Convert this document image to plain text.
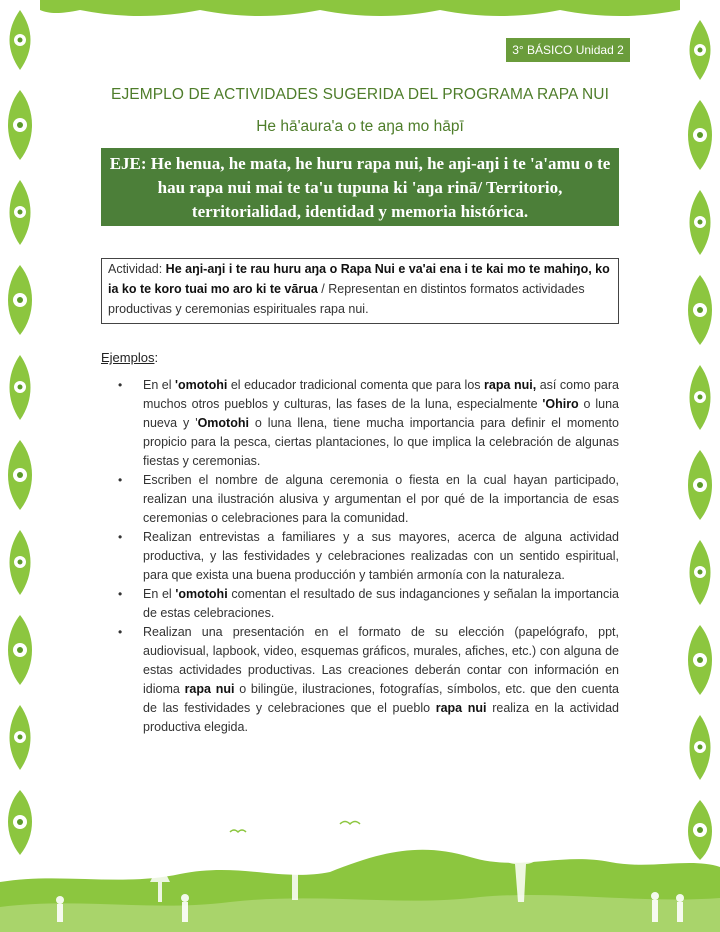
3° BÁSICO Unidad 2
EJEMPLO DE ACTIVIDADES SUGERIDA DEL PROGRAMA RAPA NUI
He hā'aura'a o te aŋa mo hāpī
EJE: He henua, he mata, he huru rapa nui, he aŋi-aŋi i te 'a'amu o te hau rapa nui mai te ta'u tupuna ki 'aŋa rinā/ Territorio, territorialidad, identidad y memoria histórica.
Actividad: He aŋi-aŋi i te rau huru aŋa o Rapa Nui e va'ai ena i te kai mo te mahiŋo, ko ia ko te koro tuai mo aro ki te vārua / Representan en distintos formatos actividades productivas y ceremonias espirituales rapa nui.
Ejemplos:
• En el 'omotohi el educador tradicional comenta que para los rapa nui, así como para muchos otros pueblos y culturas, las fases de la luna, especialmente 'Ohiro o luna nueva y 'Omotohi o luna llena, tiene mucha importancia para definir el momento propicio para la pesca, ciertas plantaciones, lo que implica la celebración de algunas fiestas y ceremonias.
• Escriben el nombre de alguna ceremonia o fiesta en la cual hayan participado, realizan una ilustración alusiva y argumentan el por qué de la importancia de esas ceremonias o celebraciones para la comunidad.
• Realizan entrevistas a familiares y a sus mayores, acerca de alguna actividad productiva, y las festividades y celebraciones realizadas con un sentido espiritual, para que exista una buena producción y también armonía con la naturaleza.
• En el 'omotohi comentan el resultado de sus indaganciones y señalan la importancia de estas celebraciones.
• Realizan una presentación en el formato de su elección (papelógrafo, ppt, audiovisual, lapbook, video, esquemas gráficos, murales, afiches, etc.) con alguna de estas actividades productivas. Las creaciones deberán contar con información en idioma rapa nui o bilingüe, ilustraciones, fotografías, símbolos, etc. que den cuenta de las festividades y celebraciones que el pueblo rapa nui realiza en la actividad productiva elegida.
